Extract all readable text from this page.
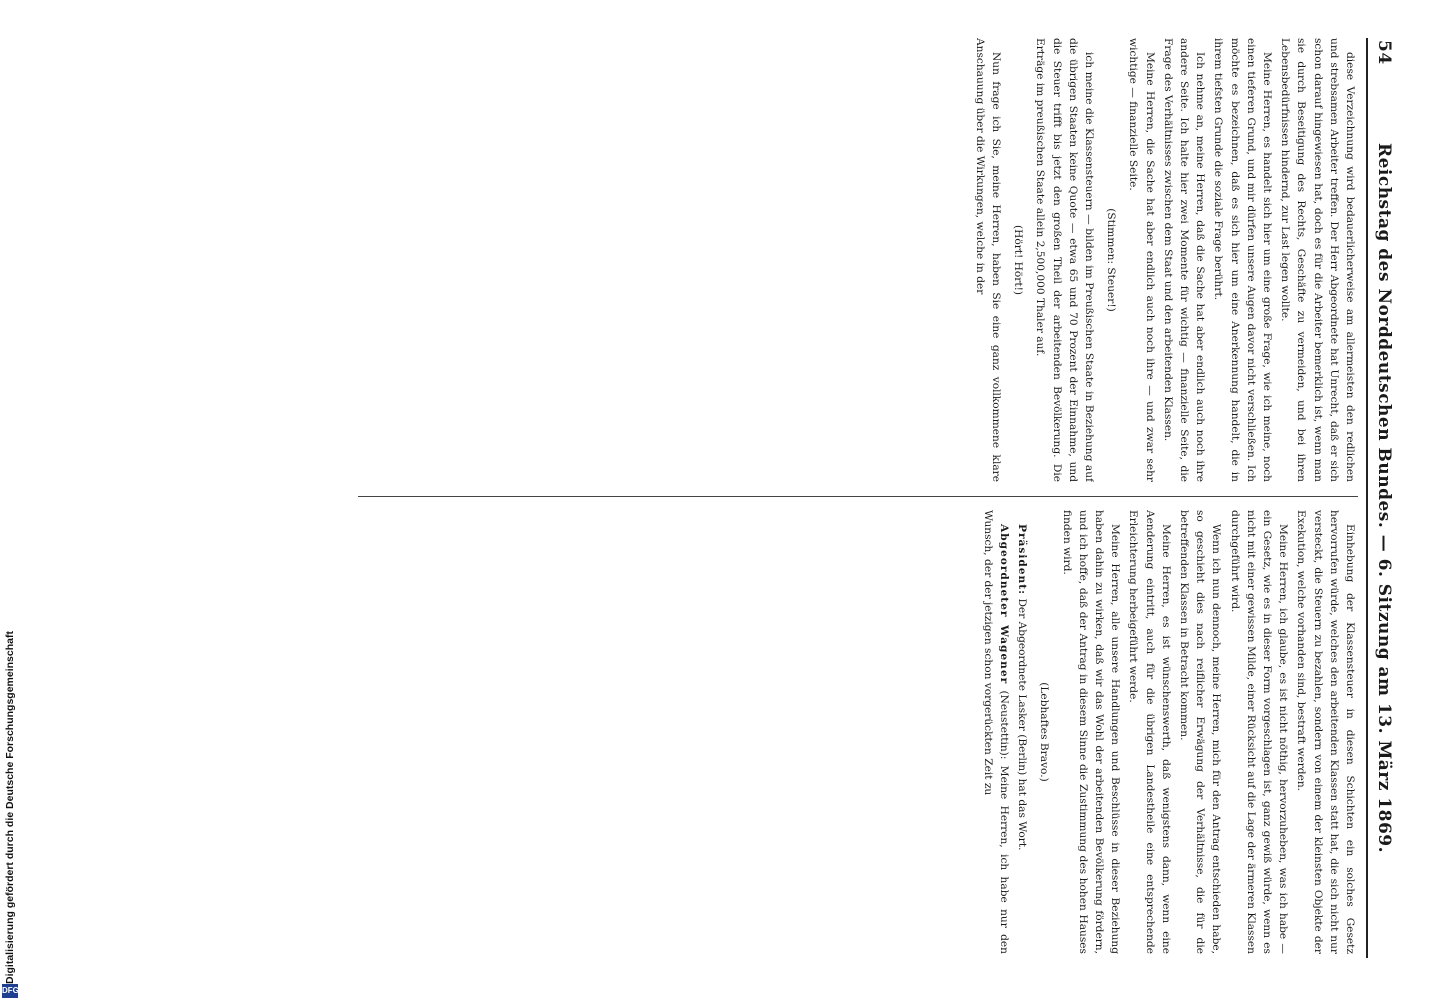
54
Reichstag des Norddeutschen Bundes. — 6. Sitzung am 13. März 1869.

diese Verzeichnung wird bedauerlicherweise am allermeisten den redlichen und strebsamen Arbeiter treffen. Der Herr Abgeordnete hat Unrecht, daß er sich schon darauf hingewiesen hat, doch es für die Arbeiter bemerklich ist, wenn man sie durch Beseitigung des Rechts, Geschäfte zu vermeiden, und bei ihren Lebensbedürfnissen hindernd, zur Last legen wollte.

Meine Herren, es handelt sich hier um eine große Frage, wie ich meine, noch einen tieferen Grund, und mir dürfen unsere Augen davor nicht verschließen. Ich möchte es bezeichnen, daß es sich hier um eine Anerkennung handelt, die in ihrem tiefsten Grunde die soziale Frage berührt.

Ich nehme an, meine Herren, daß die Sache hat aber endlich auch noch ihre andere Seite. Ich halte hier zwei Momente für wichtig — finanzielle Seite, die Frage des Verhältnisses zwischen dem Staat und den arbeitenden Klassen.

Meine Herren, die Sache hat aber endlich auch noch ihre — und zwar sehr wichtige — finanzielle Seite.

(Stimmen: Steuer!)

ich meine die Klassensteuern — bilden im Preußischen Staate in Beziehung auf die übrigen Staaten keine Quote — etwa 65 und 70 Prozent der Einnahme, und die Steuer trifft bis jetzt den großen Theil der arbeitenden Bevölkerung. Die Erträge im preußischen Staate allein 2,500,000 Thaler auf.

(Hört! Hört!)

Nun frage ich Sie, meine Herren, haben Sie eine ganz vollkommene klare Anschauung über die Wirkungen, welche in der

Einhebung der Klassensteuer in diesen Schichten ein solches Gesetz hervorrufen würde, welches den arbeitenden Klassen statt hat, die sich nicht nur versteckt, die Steuern zu bezahlen, sondern von einem der kleinsten Objekte der Exekution, welche vorhanden sind, bestraft werden.

Meine Herren, ich glaube, es ist nicht nöthig, hervorzuheben, was ich habe — ein Gesetz, wie es in dieser Form vorgeschlagen ist, ganz gewiß würde, wenn es nicht mit einer gewissen Milde, einer Rücksicht auf die Lage der ärmeren Klassen durchgeführt wird.

Wenn ich nun dennoch, meine Herren, mich für den Antrag entschieden habe, so geschieht dies nach reiflicher Erwägung der Verhältnisse, die für die betreffenden Klassen in Betracht kommen.

Meine Herren, es ist wünschenswerth, daß wenigstens dann, wenn eine Aenderung eintritt, auch für die übrigen Landestheile eine entsprechende Erleichterung herbeigeführt werde.

Meine Herren, alle unsere Handlungen und Beschlüsse in dieser Beziehung haben dahin zu wirken, daß wir das Wohl der arbeitenden Bevölkerung fördern, und ich hoffe, daß der Antrag in diesem Sinne die Zustimmung des hohen Hauses finden wird.

(Lebhaftes Bravo.)

Präsident: Der Abgeordnete Lasker (Berlin) hat das Wort.

Abgeordneter Wagener (Neustettin): Meine Herren, ich habe nur den Wunsch, der der jetzigen schon vorgerückten Zeit zu

Digitalisierung gefördert durch die Deutsche Forschungsgemeinschaft
DFG
